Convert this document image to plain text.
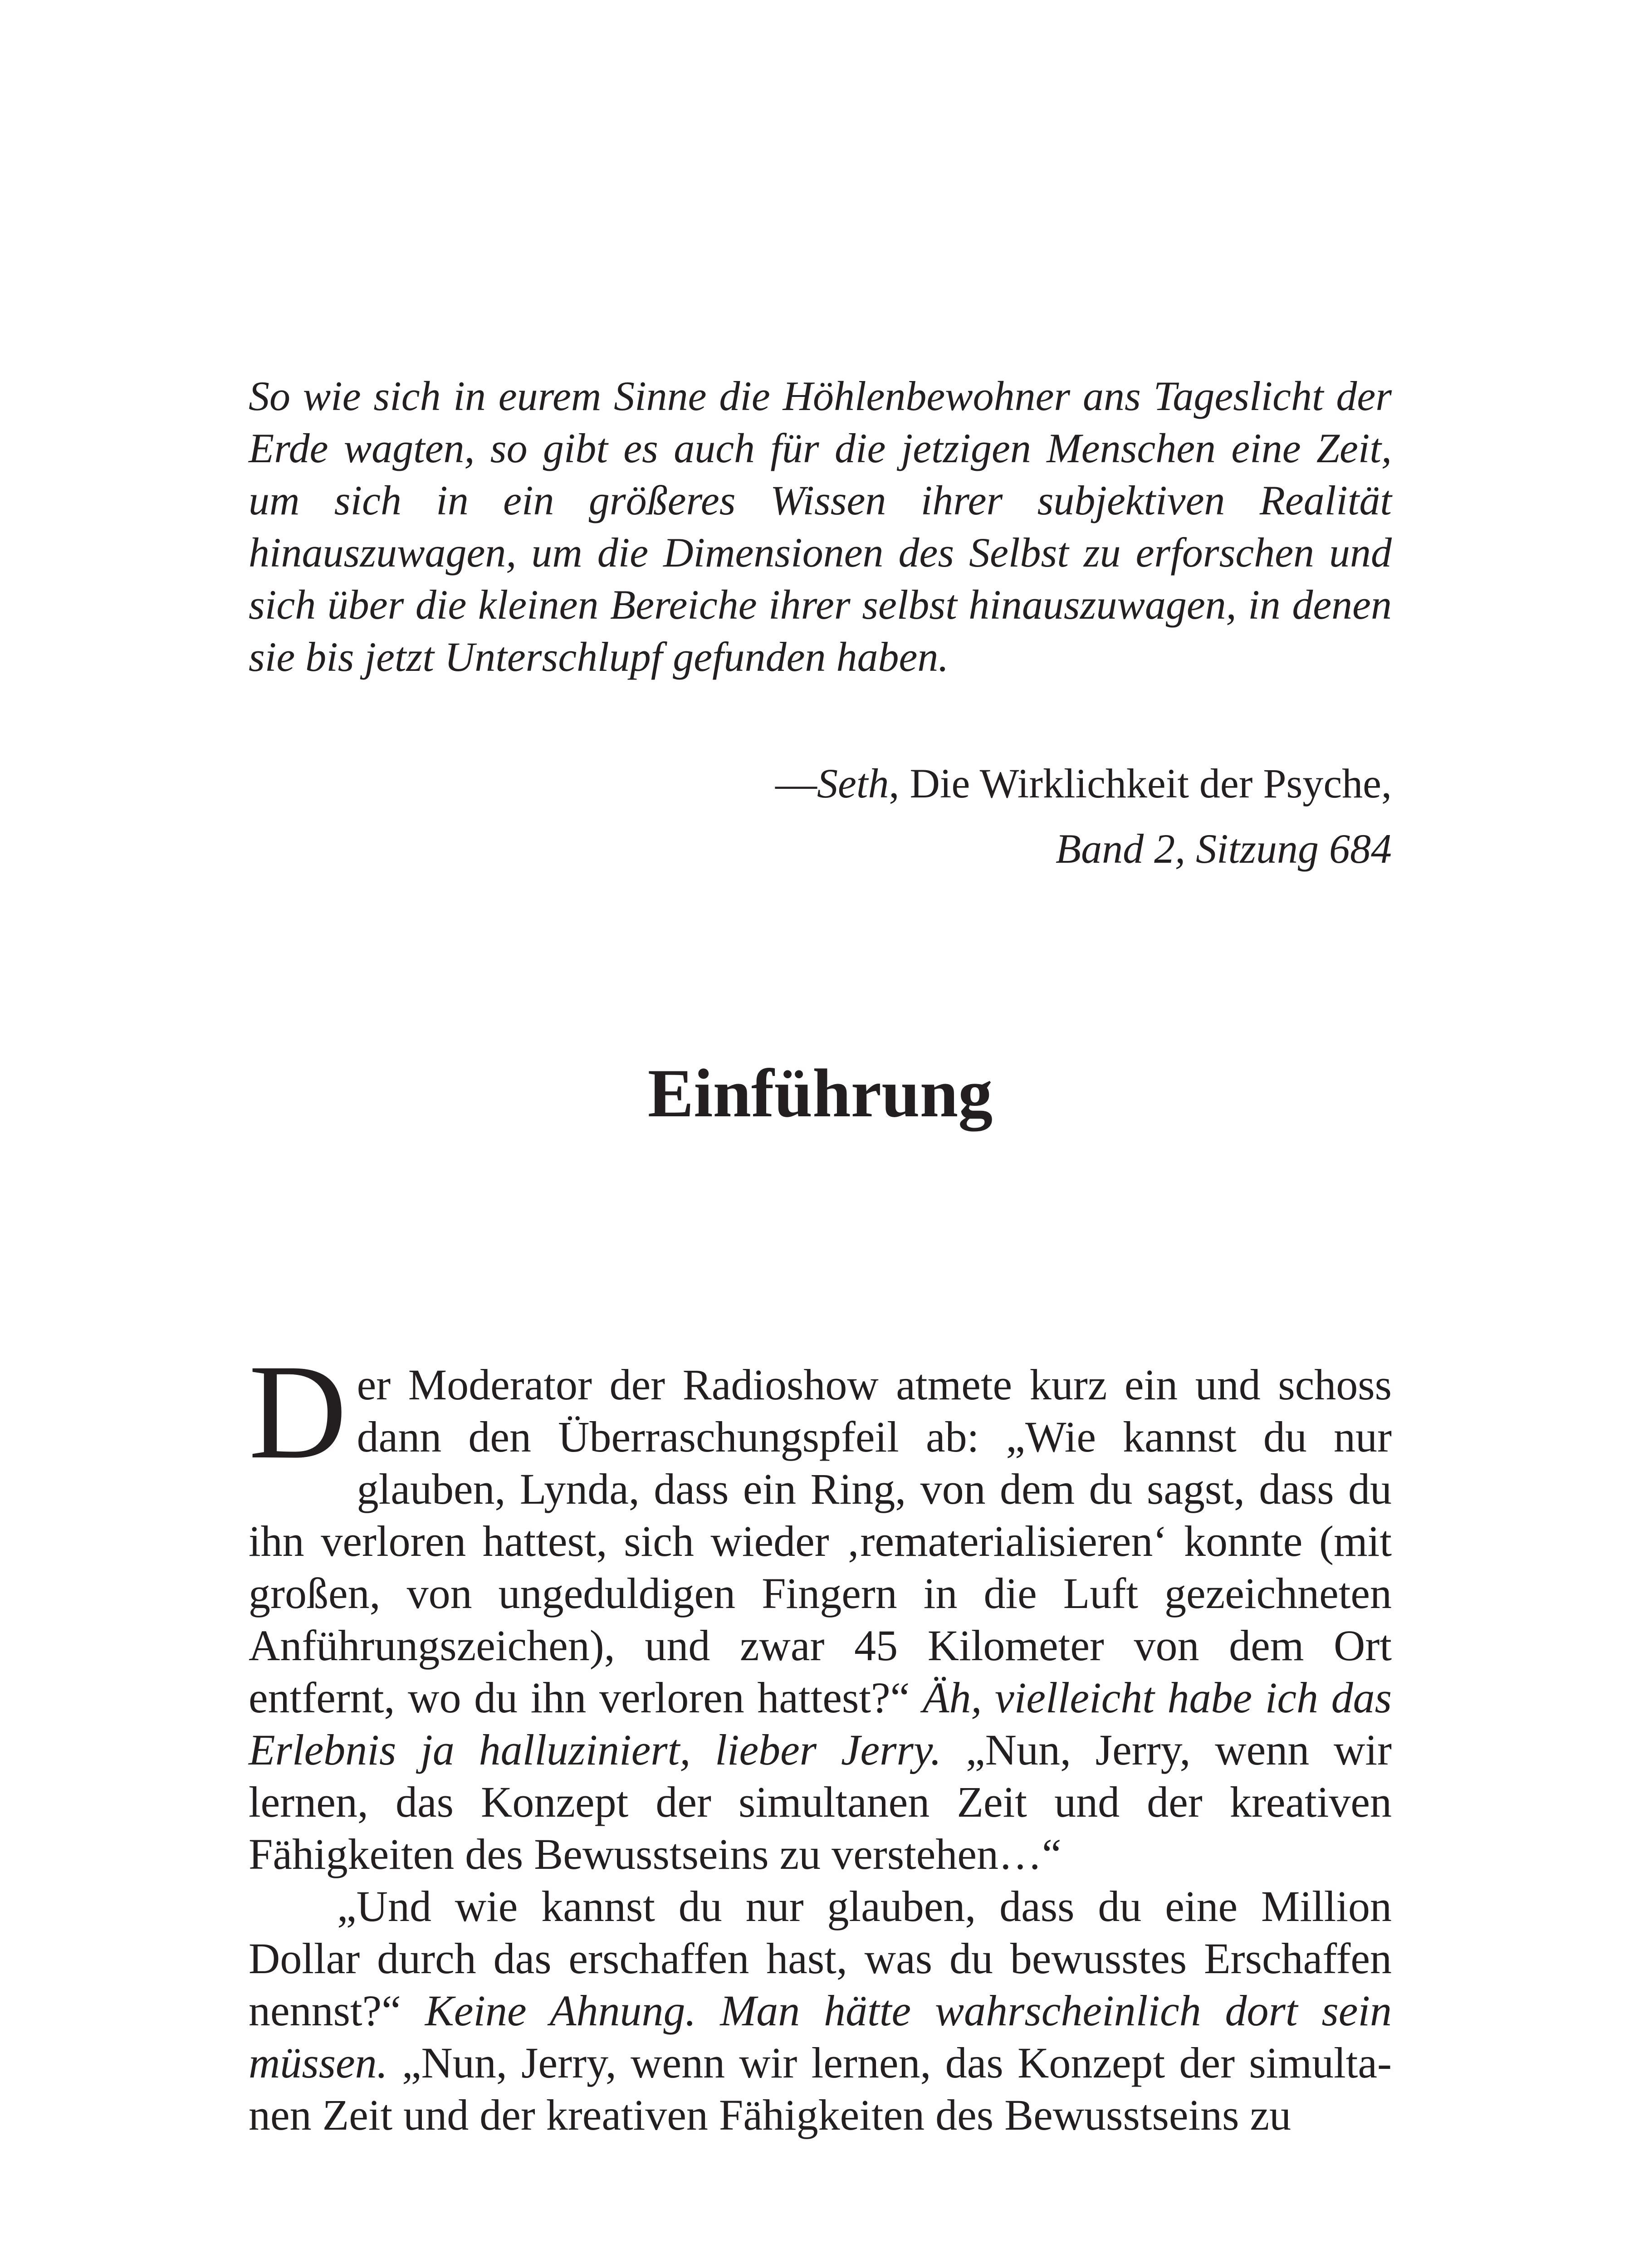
So wie sich in eurem Sinne die Höhlenbewohner ans Tageslicht der Erde wagten, so gibt es auch für die jetzigen Menschen eine Zeit, um sich in ein größeres Wissen ihrer subjektiven Realität hinauszuwagen, um die Dimensionen des Selbst zu erforschen und sich über die kleinen Bereiche ihrer selbst hinauszuwagen, in denen sie bis jetzt Unterschlupf gefunden haben.

—Seth, Die Wirklichkeit der Psyche,
Band 2, Sitzung 684
Einführung

Der Moderator der Radioshow atmete kurz ein und schoss dann den Überraschungspfeil ab: „Wie kannst du nur glauben, Lynda, dass ein Ring, von dem du sagst, dass du ihn verloren hattest, sich wieder ‚rematerialisieren‘ konnte (mit großen, von ungeduldigen Fingern in die Luft gezeichneten Anführungszeichen), und zwar 45 Kilometer von dem Ort entfernt, wo du ihn verloren hattest?“ Äh, vielleicht habe ich das Erlebnis ja halluziniert, lieber Jerry. „Nun, Jerry, wenn wir lernen, das Konzept der simultanen Zeit und der kreativen Fähigkeiten des Bewusstseins zu verstehen…“

„Und wie kannst du nur glauben, dass du eine Million Dollar durch das erschaffen hast, was du bewusstes Erschaffen nennst?“ Keine Ahnung. Man hätte wahrscheinlich dort sein müssen. „Nun, Jerry, wenn wir lernen, das Konzept der simultanen Zeit und der kreativen Fähigkeiten des Bewusstseins zu
